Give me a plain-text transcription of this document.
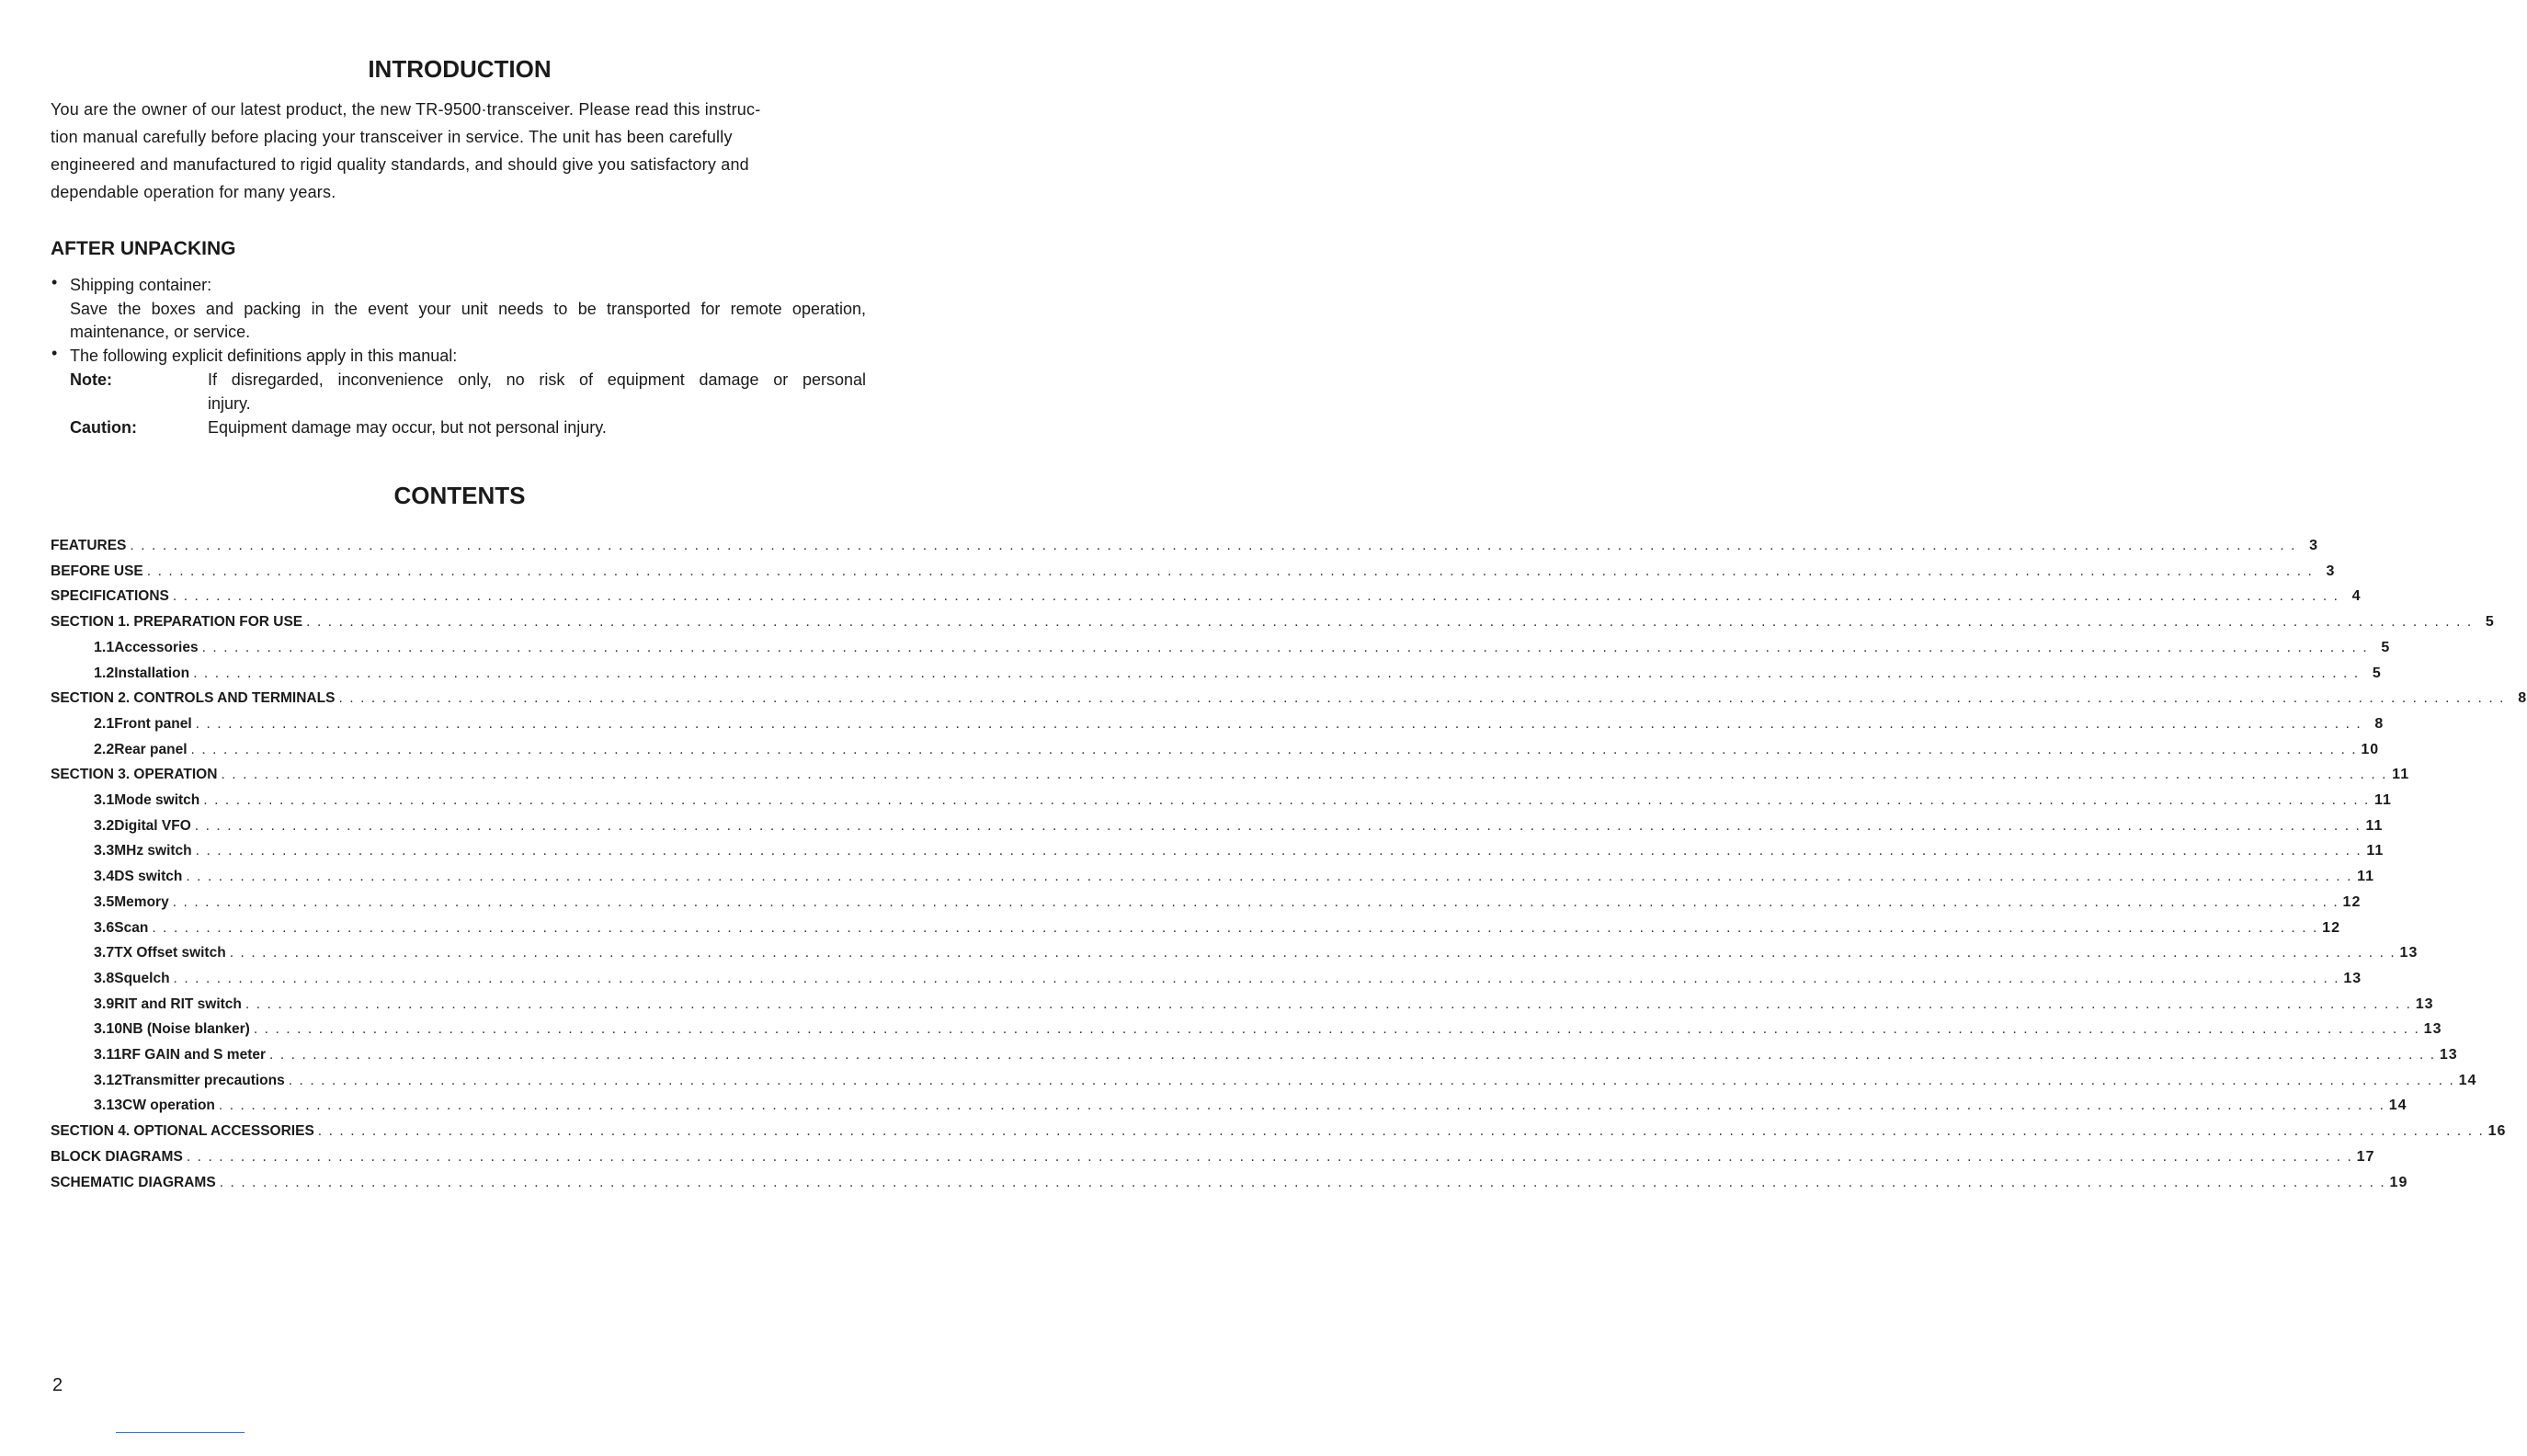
INTRODUCTION
You are the owner of our latest product, the new TR-9500·transceiver. Please read this instruc-
tion manual carefully before placing your transceiver in service. The unit has been carefully
engineered and manufactured to rigid quality standards, and should give you satisfactory and
dependable operation for many years.
AFTER UNPACKING
• Shipping container:
Save the boxes and packing in the event your unit needs to be transported for remote operation,
maintenance, or service.
• The following explicit definitions apply in this manual:
Note:	If disregarded, inconvenience only, no risk of equipment damage or personal
injury.
Caution:	Equipment damage may occur, but not personal injury.
CONTENTS
FEATURES . . . . . . . . . . . . . . . . . . . . . . . . . . . . . . . . . . . . . . . . . . . . . . . . . . . . . . . . . . . . . . . . . . . . . . . . . . . . . . . . . . . . . . . . . . . . . . . . . . . . . . . . . . . . . . . . . . . . . . . . . . . . . . . . . . . . . . . . . . . . . . . . . . . . . . . . . . . . . . . . . . . . . . . . . . . . . . . . . . . . . . . . . . . . . . . . . . . . . . . . 3
BEFORE USE . . . . . . . . . . . . . . . . . . . . . . . . . . . . . . . . . . . . . . . . . . . . . . . . . . . . . . . . . . . . . . . . . . . . . . . . . . . . . . . . . . . . . . . . . . . . . . . . . . . . . . . . . . . . . . . . . . . . . . . . . . . . . . . . . . . . . . . . . . . . . . . . . . . . . . . . . . . . . . . . . . . . . . . . . . . . . . . . . . . . . . . . . . . . . . . . . . . . . . . . 3
SPECIFICATIONS . . . . . . . . . . . . . . . . . . . . . . . . . . . . . . . . . . . . . . . . . . . . . . . . . . . . . . . . . . . . . . . . . . . . . . . . . . . . . . . . . . . . . . . . . . . . . . . . . . . . . . . . . . . . . . . . . . . . . . . . . . . . . . . . . . . . . . . . . . . . . . . . . . . . . . . . . . . . . . . . . . . . . . . . . . . . . . . . . . . . . . . . . . . . . . . . . . . . . . . . 4
SECTION 1. PREPARATION FOR USE . . . . . . . . . . . . . . . . . . . . . . . . . . . . . . . . . . . . . . . . . . . . . . . . . . . . . . . . . . . . . . . . . . . . . . . . . . . . . . . . . . . . . . . . . . . . . . . . . . . . . . . . . . . . . . . . . . . . . . . . . . . . . . . . . . . . . . . . . . . . . . . . . . . . . . . . . . . . . . . . . . . . . . . . . . . . . . . . . . . . . . . . . . . . . . . . . . . . . . . . 5
1.1 Accessories . . . . . . . . . . . . . . . . . . . . . . . . . . . . . . . . . . . . . . . . . . . . . . . . . . . . . . . . . . . . . . . . . . . . . . . . . . . . . . . . . . . . . . . . . . . . . . . . . . . . . . . . . . . . . . . . . . . . . . . . . . . . . . . . . . . . . . . . . . . . . . . . . . . . . . . . . . . . . . . . . . . . . . . . . . . . . . . . . . . . . . . . . . . . . . . . . . . . . . . . 5
1.2 Installation . . . . . . . . . . . . . . . . . . . . . . . . . . . . . . . . . . . . . . . . . . . . . . . . . . . . . . . . . . . . . . . . . . . . . . . . . . . . . . . . . . . . . . . . . . . . . . . . . . . . . . . . . . . . . . . . . . . . . . . . . . . . . . . . . . . . . . . . . . . . . . . . . . . . . . . . . . . . . . . . . . . . . . . . . . . . . . . . . . . . . . . . . . . . . . . . . . . . . . . . 5
SECTION 2. CONTROLS AND TERMINALS . . . . . . . . . . . . . . . . . . . . . . . . . . . . . . . . . . . . . . . . . . . . . . . . . . . . . . . . . . . . . . . . . . . . . . . . . . . . . . . . . . . . . . . . . . . . . . . . . . . . . . . . . . . . . . . . . . . . . . . . . . . . . . . . . . . . . . . . . . . . . . . . . . . . . . . . . . . . . . . . . . . . . . . . . . . . . . . . . . . . . . . . . . . . . . . . . . . . . . . . 8
2.1 Front panel . . . . . . . . . . . . . . . . . . . . . . . . . . . . . . . . . . . . . . . . . . . . . . . . . . . . . . . . . . . . . . . . . . . . . . . . . . . . . . . . . . . . . . . . . . . . . . . . . . . . . . . . . . . . . . . . . . . . . . . . . . . . . . . . . . . . . . . . . . . . . . . . . . . . . . . . . . . . . . . . . . . . . . . . . . . . . . . . . . . . . . . . . . . . . . . . . . . . . . . . 8
2.2 Rear panel . . . . . . . . . . . . . . . . . . . . . . . . . . . . . . . . . . . . . . . . . . . . . . . . . . . . . . . . . . . . . . . . . . . . . . . . . . . . . . . . . . . . . . . . . . . . . . . . . . . . . . . . . . . . . . . . . . . . . . . . . . . . . . . . . . . . . . . . . . . . . . . . . . . . . . . . . . . . . . . . . . . . . . . . . . . . . . . . . . . . . . . . . . . . . . . . . . . . . . . . 10
SECTION 3. OPERATION . . . . . . . . . . . . . . . . . . . . . . . . . . . . . . . . . . . . . . . . . . . . . . . . . . . . . . . . . . . . . . . . . . . . . . . . . . . . . . . . . . . . . . . . . . . . . . . . . . . . . . . . . . . . . . . . . . . . . . . . . . . . . . . . . . . . . . . . . . . . . . . . . . . . . . . . . . . . . . . . . . . . . . . . . . . . . . . . . . . . . . . . . . . . . . . . . . . . . . . . 11
3.1 Mode switch . . . . . . . . . . . . . . . . . . . . . . . . . . . . . . . . . . . . . . . . . . . . . . . . . . . . . . . . . . . . . . . . . . . . . . . . . . . . . . . . . . . . . . . . . . . . . . . . . . . . . . . . . . . . . . . . . . . . . . . . . . . . . . . . . . . . . . . . . . . . . . . . . . . . . . . . . . . . . . . . . . . . . . . . . . . . . . . . . . . . . . . . . . . . . . . . . . . . . . . . 11
3.2 Digital VFO . . . . . . . . . . . . . . . . . . . . . . . . . . . . . . . . . . . . . . . . . . . . . . . . . . . . . . . . . . . . . . . . . . . . . . . . . . . . . . . . . . . . . . . . . . . . . . . . . . . . . . . . . . . . . . . . . . . . . . . . . . . . . . . . . . . . . . . . . . . . . . . . . . . . . . . . . . . . . . . . . . . . . . . . . . . . . . . . . . . . . . . . . . . . . . . . . . . . . . . . 11
3.3 MHz switch . . . . . . . . . . . . . . . . . . . . . . . . . . . . . . . . . . . . . . . . . . . . . . . . . . . . . . . . . . . . . . . . . . . . . . . . . . . . . . . . . . . . . . . . . . . . . . . . . . . . . . . . . . . . . . . . . . . . . . . . . . . . . . . . . . . . . . . . . . . . . . . . . . . . . . . . . . . . . . . . . . . . . . . . . . . . . . . . . . . . . . . . . . . . . . . . . . . . . . . . 11
3.4 DS switch . . . . . . . . . . . . . . . . . . . . . . . . . . . . . . . . . . . . . . . . . . . . . . . . . . . . . . . . . . . . . . . . . . . . . . . . . . . . . . . . . . . . . . . . . . . . . . . . . . . . . . . . . . . . . . . . . . . . . . . . . . . . . . . . . . . . . . . . . . . . . . . . . . . . . . . . . . . . . . . . . . . . . . . . . . . . . . . . . . . . . . . . . . . . . . . . . . . . . . . . 11
3.5 Memory . . . . . . . . . . . . . . . . . . . . . . . . . . . . . . . . . . . . . . . . . . . . . . . . . . . . . . . . . . . . . . . . . . . . . . . . . . . . . . . . . . . . . . . . . . . . . . . . . . . . . . . . . . . . . . . . . . . . . . . . . . . . . . . . . . . . . . . . . . . . . . . . . . . . . . . . . . . . . . . . . . . . . . . . . . . . . . . . . . . . . . . . . . . . . . . . . . . . . . . . 12
3.6 Scan . . . . . . . . . . . . . . . . . . . . . . . . . . . . . . . . . . . . . . . . . . . . . . . . . . . . . . . . . . . . . . . . . . . . . . . . . . . . . . . . . . . . . . . . . . . . . . . . . . . . . . . . . . . . . . . . . . . . . . . . . . . . . . . . . . . . . . . . . . . . . . . . . . . . . . . . . . . . . . . . . . . . . . . . . . . . . . . . . . . . . . . . . . . . . . . . . . . . . . . . 12
3.7 TX Offset switch . . . . . . . . . . . . . . . . . . . . . . . . . . . . . . . . . . . . . . . . . . . . . . . . . . . . . . . . . . . . . . . . . . . . . . . . . . . . . . . . . . . . . . . . . . . . . . . . . . . . . . . . . . . . . . . . . . . . . . . . . . . . . . . . . . . . . . . . . . . . . . . . . . . . . . . . . . . . . . . . . . . . . . . . . . . . . . . . . . . . . . . . . . . . . . . . . . . . . . . . 13
3.8 Squelch . . . . . . . . . . . . . . . . . . . . . . . . . . . . . . . . . . . . . . . . . . . . . . . . . . . . . . . . . . . . . . . . . . . . . . . . . . . . . . . . . . . . . . . . . . . . . . . . . . . . . . . . . . . . . . . . . . . . . . . . . . . . . . . . . . . . . . . . . . . . . . . . . . . . . . . . . . . . . . . . . . . . . . . . . . . . . . . . . . . . . . . . . . . . . . . . . . . . . . . . 13
3.9 RIT and RIT switch . . . . . . . . . . . . . . . . . . . . . . . . . . . . . . . . . . . . . . . . . . . . . . . . . . . . . . . . . . . . . . . . . . . . . . . . . . . . . . . . . . . . . . . . . . . . . . . . . . . . . . . . . . . . . . . . . . . . . . . . . . . . . . . . . . . . . . . . . . . . . . . . . . . . . . . . . . . . . . . . . . . . . . . . . . . . . . . . . . . . . . . . . . . . . . . . . . . . . . . . 13
3.10 NB (Noise blanker) . . . . . . . . . . . . . . . . . . . . . . . . . . . . . . . . . . . . . . . . . . . . . . . . . . . . . . . . . . . . . . . . . . . . . . . . . . . . . . . . . . . . . . . . . . . . . . . . . . . . . . . . . . . . . . . . . . . . . . . . . . . . . . . . . . . . . . . . . . . . . . . . . . . . . . . . . . . . . . . . . . . . . . . . . . . . . . . . . . . . . . . . . . . . . . . . . . . . . . . . 13
3.11 RF GAIN and S meter . . . . . . . . . . . . . . . . . . . . . . . . . . . . . . . . . . . . . . . . . . . . . . . . . . . . . . . . . . . . . . . . . . . . . . . . . . . . . . . . . . . . . . . . . . . . . . . . . . . . . . . . . . . . . . . . . . . . . . . . . . . . . . . . . . . . . . . . . . . . . . . . . . . . . . . . . . . . . . . . . . . . . . . . . . . . . . . . . . . . . . . . . . . . . . . . . . . . . . . . 13
3.12 Transmitter precautions . . . . . . . . . . . . . . . . . . . . . . . . . . . . . . . . . . . . . . . . . . . . . . . . . . . . . . . . . . . . . . . . . . . . . . . . . . . . . . . . . . . . . . . . . . . . . . . . . . . . . . . . . . . . . . . . . . . . . . . . . . . . . . . . . . . . . . . . . . . . . . . . . . . . . . . . . . . . . . . . . . . . . . . . . . . . . . . . . . . . . . . . . . . . . . . . . . . . . . . . 14
3.13 CW operation . . . . . . . . . . . . . . . . . . . . . . . . . . . . . . . . . . . . . . . . . . . . . . . . . . . . . . . . . . . . . . . . . . . . . . . . . . . . . . . . . . . . . . . . . . . . . . . . . . . . . . . . . . . . . . . . . . . . . . . . . . . . . . . . . . . . . . . . . . . . . . . . . . . . . . . . . . . . . . . . . . . . . . . . . . . . . . . . . . . . . . . . . . . . . . . . . . . . . . . . 14
SECTION 4. OPTIONAL ACCESSORIES . . . . . . . . . . . . . . . . . . . . . . . . . . . . . . . . . . . . . . . . . . . . . . . . . . . . . . . . . . . . . . . . . . . . . . . . . . . . . . . . . . . . . . . . . . . . . . . . . . . . . . . . . . . . . . . . . . . . . . . . . . . . . . . . . . . . . . . . . . . . . . . . . . . . . . . . . . . . . . . . . . . . . . . . . . . . . . . . . . . . . . . . . . . . . . . . . . . . . . . . 16
BLOCK DIAGRAMS . . . . . . . . . . . . . . . . . . . . . . . . . . . . . . . . . . . . . . . . . . . . . . . . . . . . . . . . . . . . . . . . . . . . . . . . . . . . . . . . . . . . . . . . . . . . . . . . . . . . . . . . . . . . . . . . . . . . . . . . . . . . . . . . . . . . . . . . . . . . . . . . . . . . . . . . . . . . . . . . . . . . . . . . . . . . . . . . . . . . . . . . . . . . . . . . . . . . . . . . 17
SCHEMATIC DIAGRAMS . . . . . . . . . . . . . . . . . . . . . . . . . . . . . . . . . . . . . . . . . . . . . . . . . . . . . . . . . . . . . . . . . . . . . . . . . . . . . . . . . . . . . . . . . . . . . . . . . . . . . . . . . . . . . . . . . . . . . . . . . . . . . . . . . . . . . . . . . . . . . . . . . . . . . . . . . . . . . . . . . . . . . . . . . . . . . . . . . . . . . . . . . . . . . . . . . . . . . . . . 19
2
